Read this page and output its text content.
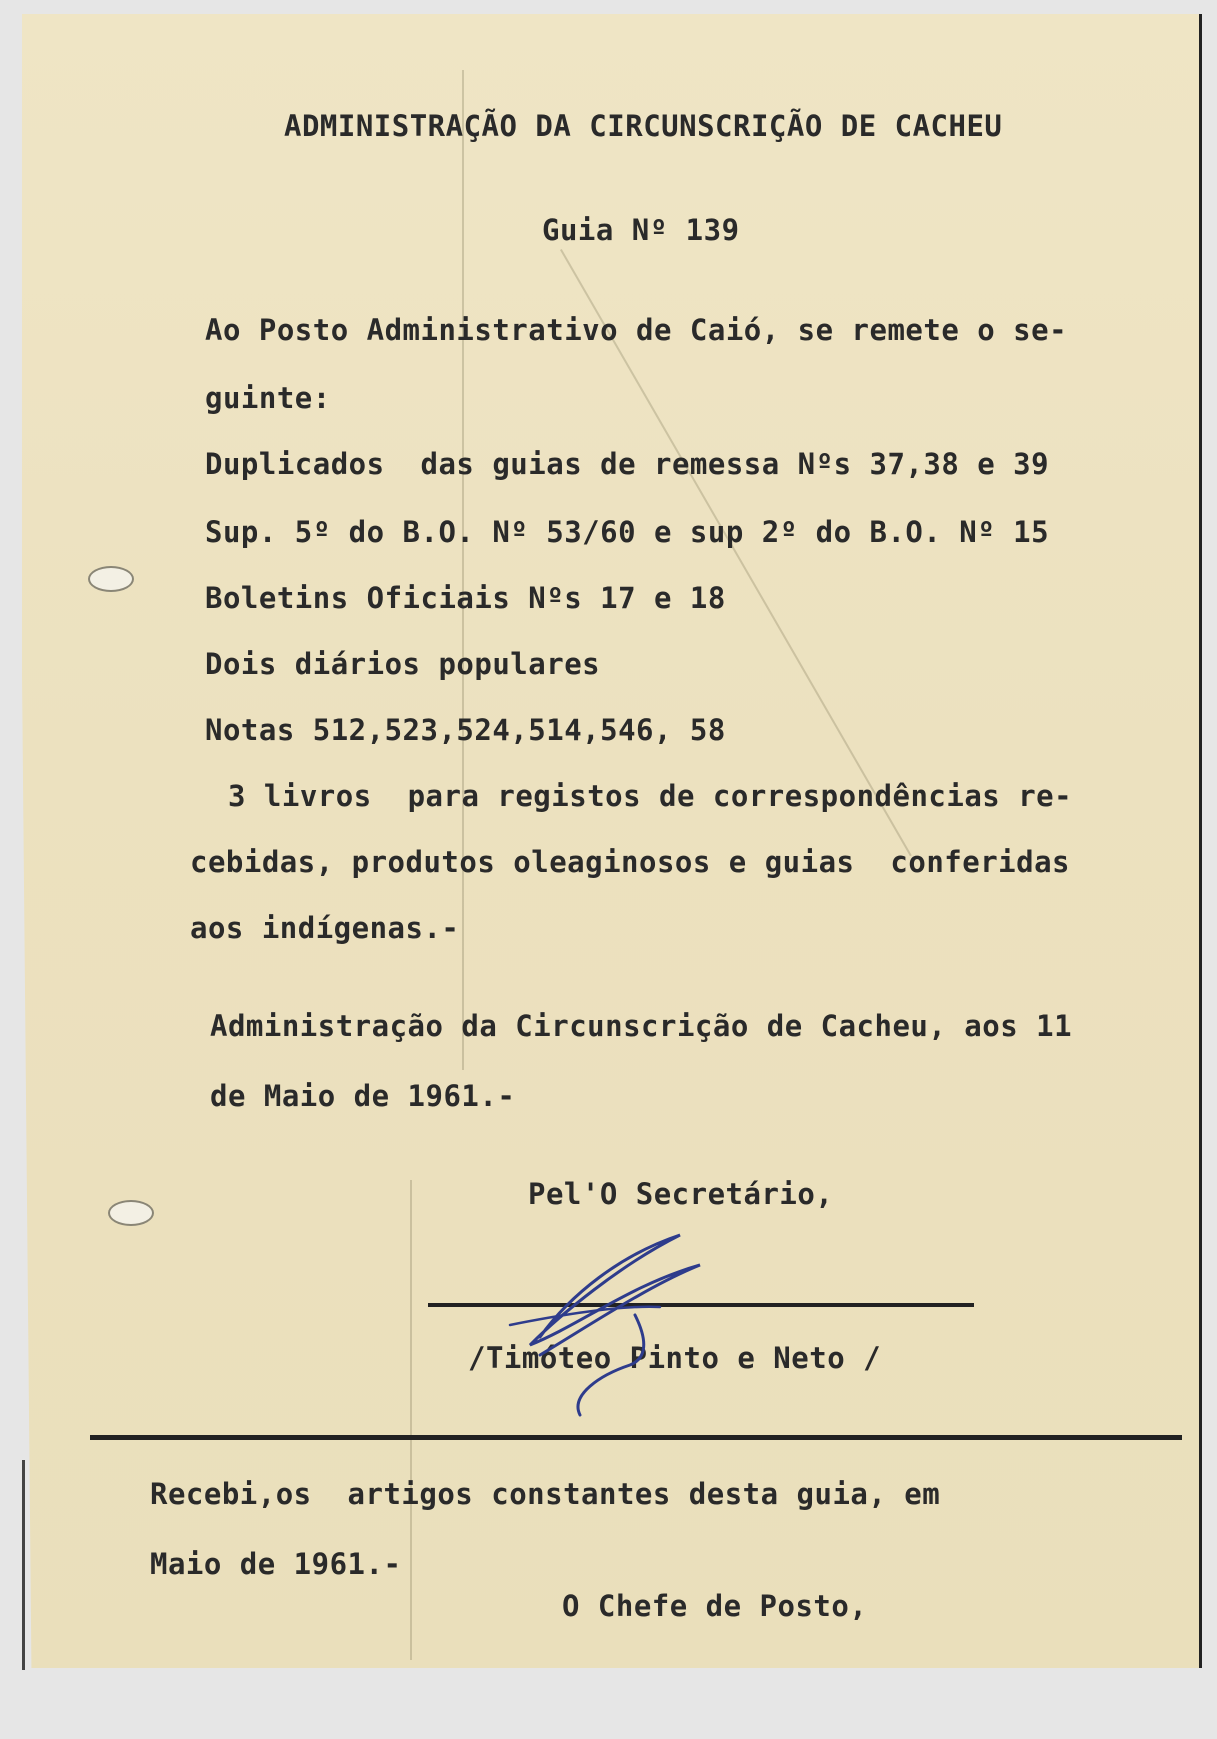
ADMINISTRAÇÃO DA CIRCUNSCRIÇÃO DE CACHEU
Guia Nº 139
Ao Posto Administrativo de Caió, se remete o se-
guinte:
Duplicados  das guias de remessa Nºs 37,38 e 39
Sup. 5º do B.O. Nº 53/60 e sup 2º do B.O. Nº 15
Boletins Oficiais Nºs 17 e 18
Dois diários populares
Notas 512,523,524,514,546, 58
3 livros  para registos de correspondências re-
cebidas, produtos oleaginosos e guias  conferidas
aos indígenas.-
Administração da Circunscrição de Cacheu, aos 11
de Maio de 1961.-
Pel'O Secretário,
/Timóteo Pinto e Neto /
Recebi,os  artigos constantes desta guia, em
Maio de 1961.-
O Chefe de Posto,
